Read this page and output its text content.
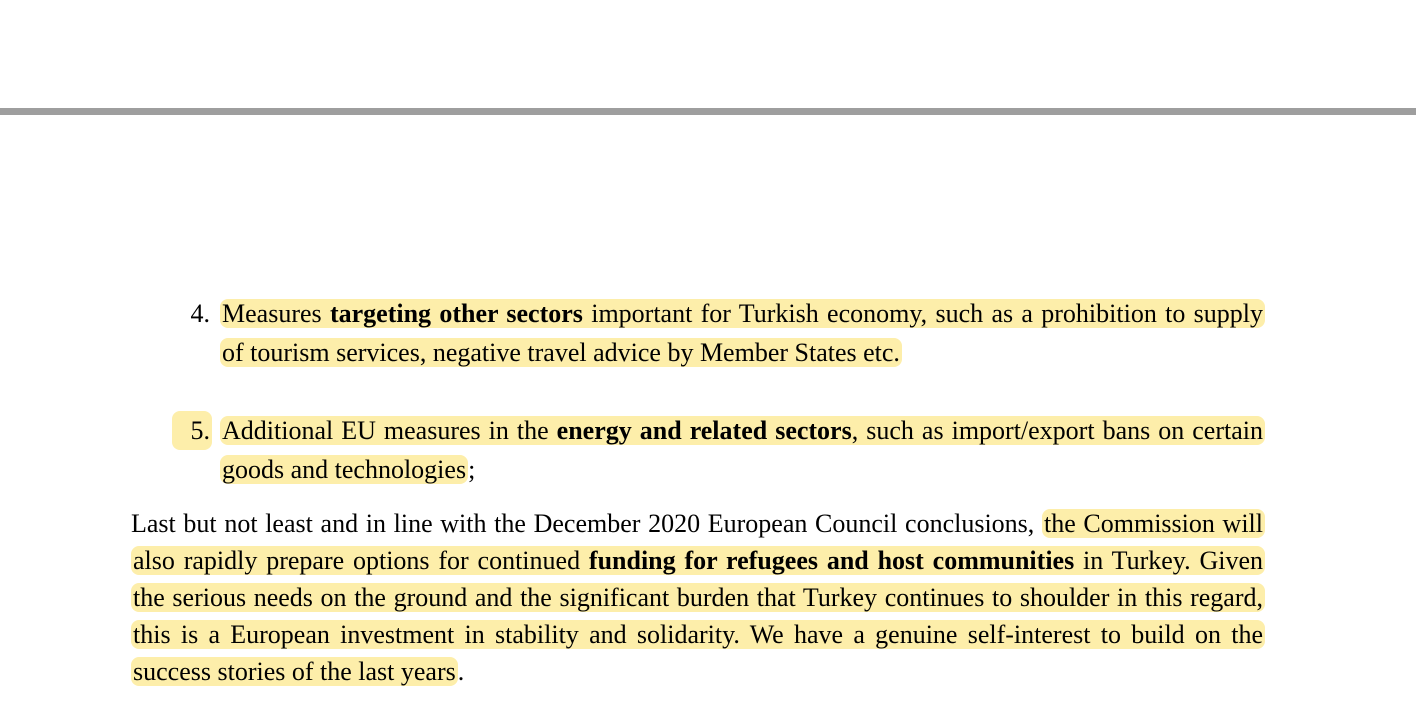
4. Measures targeting other sectors important for Turkish economy, such as a prohibition to supply of tourism services, negative travel advice by Member States etc.
5. Additional EU measures in the energy and related sectors, such as import/export bans on certain goods and technologies;
Last but not least and in line with the December 2020 European Council conclusions, the Commission will also rapidly prepare options for continued funding for refugees and host communities in Turkey. Given the serious needs on the ground and the significant burden that Turkey continues to shoulder in this regard, this is a European investment in stability and solidarity. We have a genuine self-interest to build on the success stories of the last years.
